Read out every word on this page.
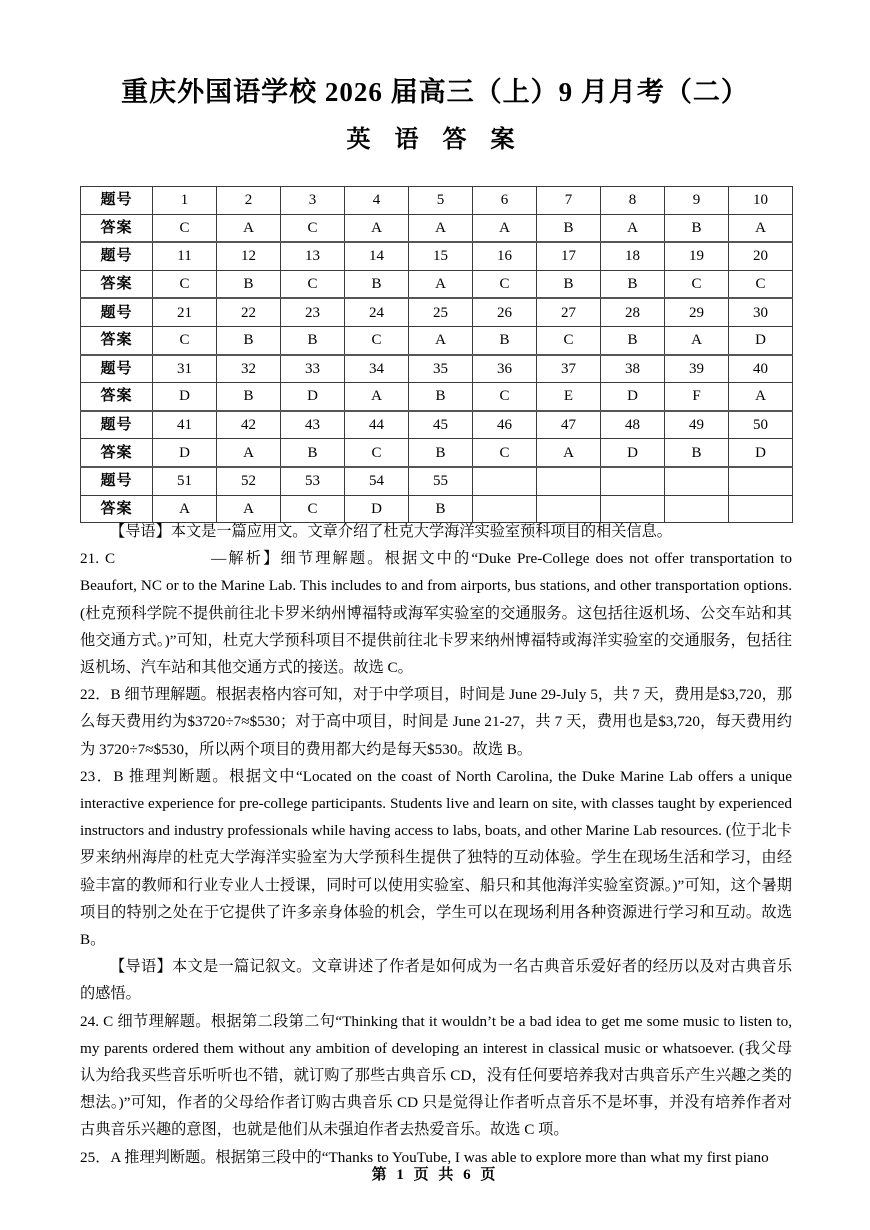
重庆外国语学校 2026 届高三（上）9 月月考（二）
英 语 答 案
题号	1	2	3	4	5	6	7	8	9	10
答案	C	A	C	A	A	A	B	A	B	A
题号	11	12	13	14	15	16	17	18	19	20
答案	C	B	C	B	A	C	B	B	C	C
题号	21	22	23	24	25	26	27	28	29	30
答案	C	B	B	C	A	B	C	B	A	D
题号	31	32	33	34	35	36	37	38	39	40
答案	D	B	D	A	B	C	E	D	F	A
题号	41	42	43	44	45	46	47	48	49	50
答案	D	A	B	C	B	C	A	D	B	D
题号	51	52	53	54	55					
答案	A	A	C	D	B					

【导语】本文是一篇应用文。文章介绍了杜克大学海洋实验室预科项目的相关信息。

21. C	—解析】细节理解题。根据文中的“Duke Pre-College does not offer transportation to Beaufort, NC or to the Marine Lab. This includes to and from airports, bus stations, and other transportation options. (杜克预科学院不提供前往北卡罗米纳州博福特或海军实验室的交通服务。这包括往返机场、公交车站和其他交通方式。)”可知，杜克大学预科项目不提供前往北卡罗来纳州博福特或海洋实验室的交通服务，包括往返机场、汽车站和其他交通方式的接送。故选 C。

22．B 细节理解题。根据表格内容可知，对于中学项目，时间是 June 29-July 5，共 7 天，费用是$3,720，那么每天费用约为$3720÷7≈$530；对于高中项目，时间是 June 21-27，共 7 天，费用也是$3,720，每天费用约为 3720÷7≈$530，所以两个项目的费用都大约是每天$530。故选 B。

23．B 推理判断题。根据文中“Located on the coast of North Carolina, the Duke Marine Lab offers a unique interactive experience for pre-college participants. Students live and learn on site, with classes taught by experienced instructors and industry professionals while having access to labs, boats, and other Marine Lab resources. (位于北卡罗来纳州海岸的杜克大学海洋实验室为大学预科生提供了独特的互动体验。学生在现场生活和学习，由经验丰富的教师和行业专业人士授课，同时可以使用实验室、船只和其他海洋实验室资源。)”可知，这个暑期项目的特别之处在于它提供了许多亲身体验的机会，学生可以在现场利用各种资源进行学习和互动。故选 B。

【导语】本文是一篇记叙文。文章讲述了作者是如何成为一名古典音乐爱好者的经历以及对古典音乐的感悟。

24. C 细节理解题。根据第二段第二句“Thinking that it wouldn’t be a bad idea to get me some music to listen to, my parents ordered them without any ambition of developing an interest in classical music or whatsoever. (我父母认为给我买些音乐听听也不错，就订购了那些古典音乐 CD，没有任何要培养我对古典音乐产生兴趣之类的想法。)”可知，作者的父母给作者订购古典音乐 CD 只是觉得让作者听点音乐不是坏事，并没有培养作者对古典音乐兴趣的意图，也就是他们从未强迫作者去热爱音乐。故选 C 项。

25．A 推理判断题。根据第三段中的“Thanks to YouTube, I was able to explore more than what my first piano

第 1 页 共 6 页
